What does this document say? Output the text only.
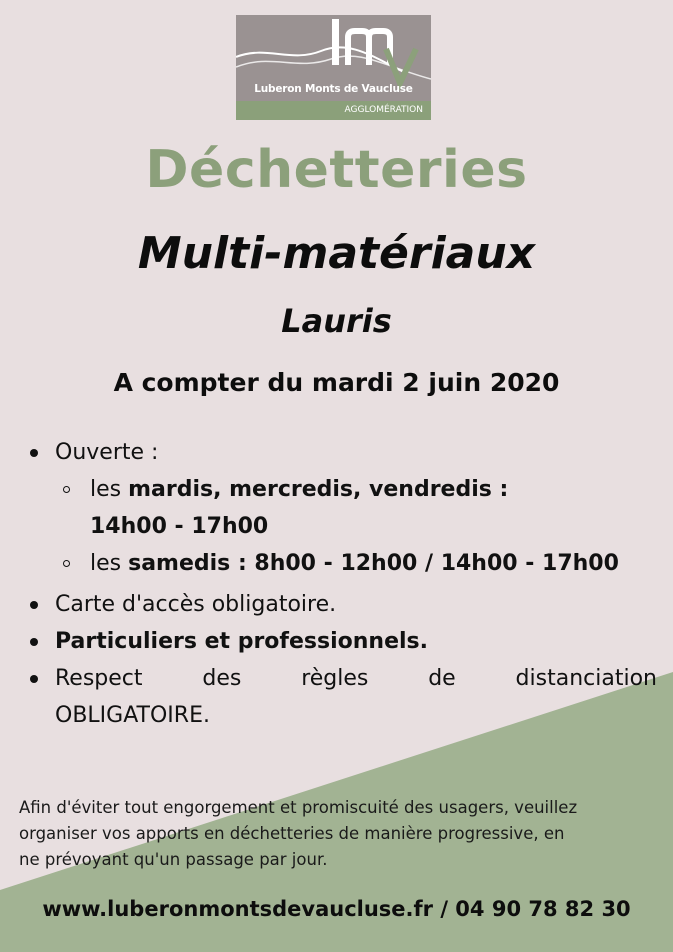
Luberon Monts de Vaucluse
AGGLOMÉRATION
Déchetteries
Multi-matériaux
Lauris
A compter du mardi 2 juin 2020
Ouverte :
les mardis, mercredis, vendredis :
14h00 - 17h00
les samedis : 8h00 - 12h00 / 14h00 - 17h00
Carte d'accès obligatoire.
Particuliers et professionnels.
Respect	des	règles	de	distanciation
OBLIGATOIRE.
Afin d'éviter tout engorgement et promiscuité des usagers, veuillez
organiser vos apports en déchetteries de manière progressive, en
ne prévoyant qu'un passage par jour.
www.luberonmontsdevaucluse.fr / 04 90 78 82 30
